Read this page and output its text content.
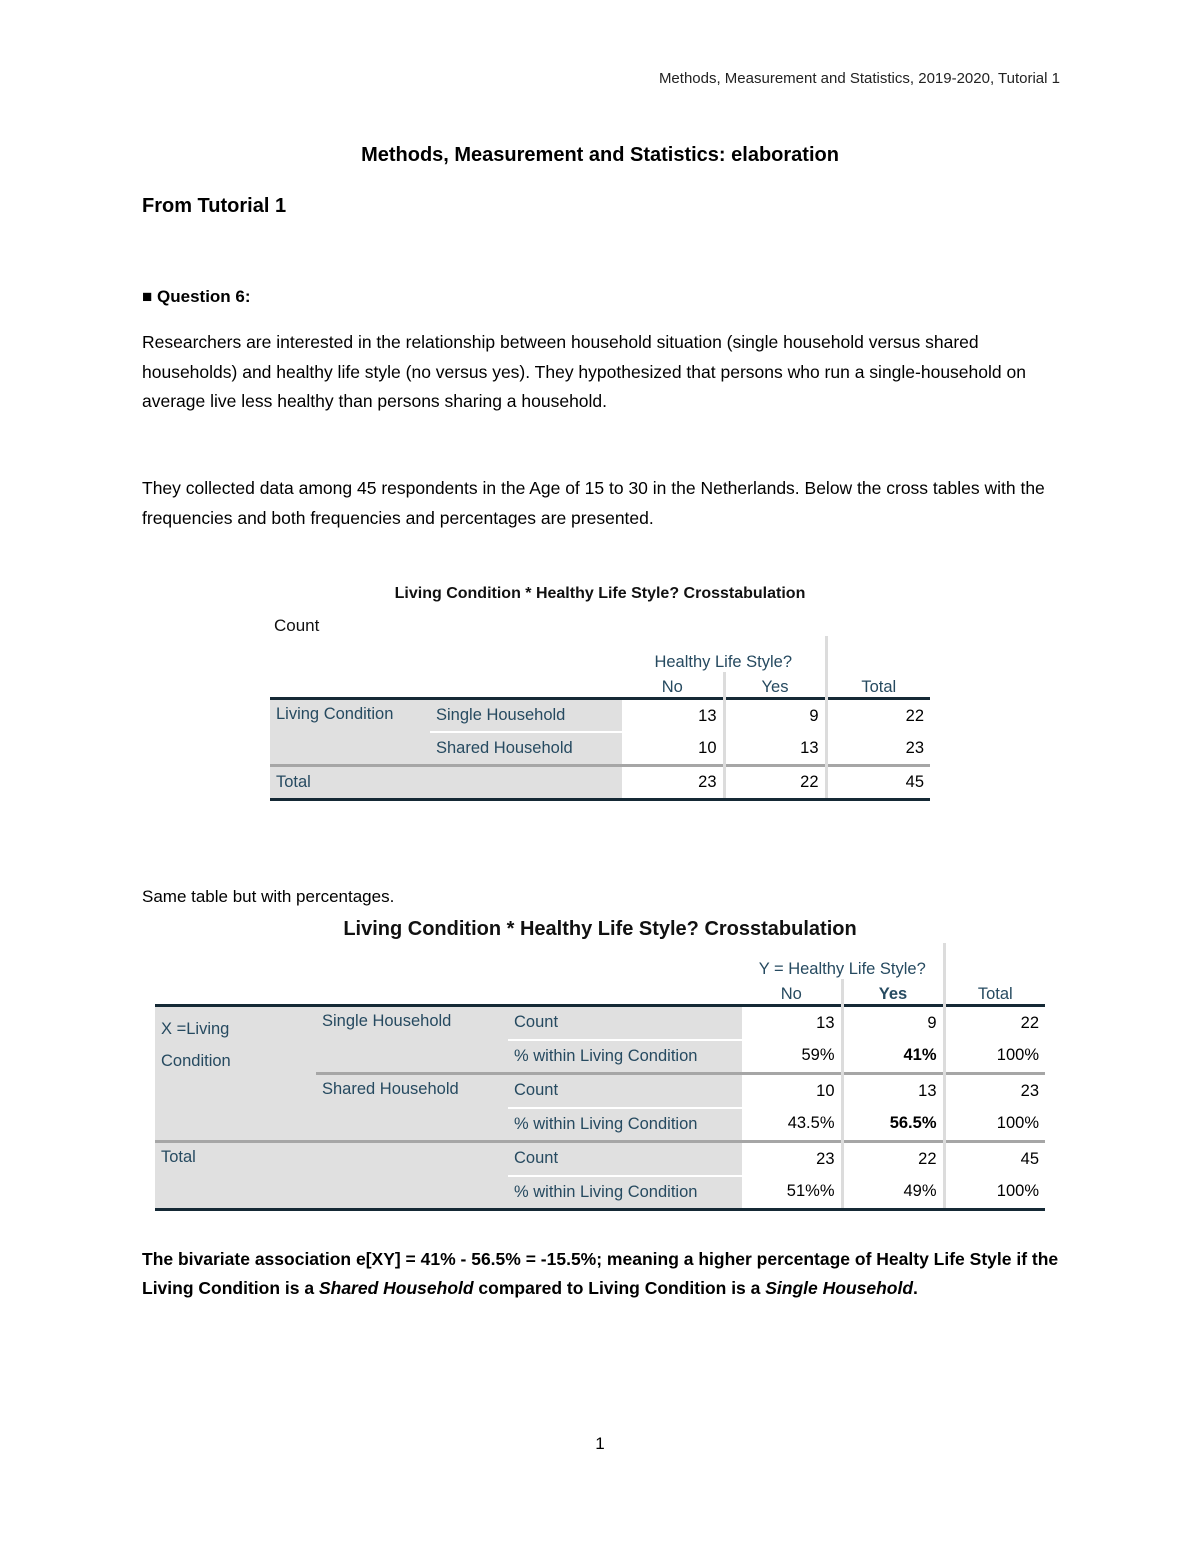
Methods, Measurement and Statistics, 2019-2020, Tutorial 1
Methods, Measurement and Statistics: elaboration
From Tutorial 1
■ Question 6:
Researchers are interested in the relationship between household situation (single household versus shared households) and healthy life style (no versus yes). They hypothesized that persons who run a single-household on average live less healthy than persons sharing a household.
They collected data among 45 respondents in the Age of 15 to 30 in the Netherlands. Below the cross tables with the frequencies and both frequencies and percentages are presented.
Living Condition * Healthy Life Style? Crosstabulation
Count
		Healthy Life Style?		
		No	Yes	Total
Living Condition	Single Household	13	9	22
	Shared Household	10	13	23
Total		23	22	45
Same table but with percentages.
Living Condition * Healthy Life Style? Crosstabulation
			Y = Healthy Life Style?		
			No	Yes	Total
X =Living Condition	Single Household	Count	13	9	22
		% within Living Condition	59%	41%	100%
	Shared Household	Count	10	13	23
		% within Living Condition	43.5%	56.5%	100%
Total		Count	23	22	45
		% within Living Condition	51%%	49%	100%
The bivariate association e[XY] = 41% - 56.5% = -15.5%; meaning a higher percentage of Healty Life Style if the Living Condition is a Shared Household compared to Living Condition is a Single Household.
1
